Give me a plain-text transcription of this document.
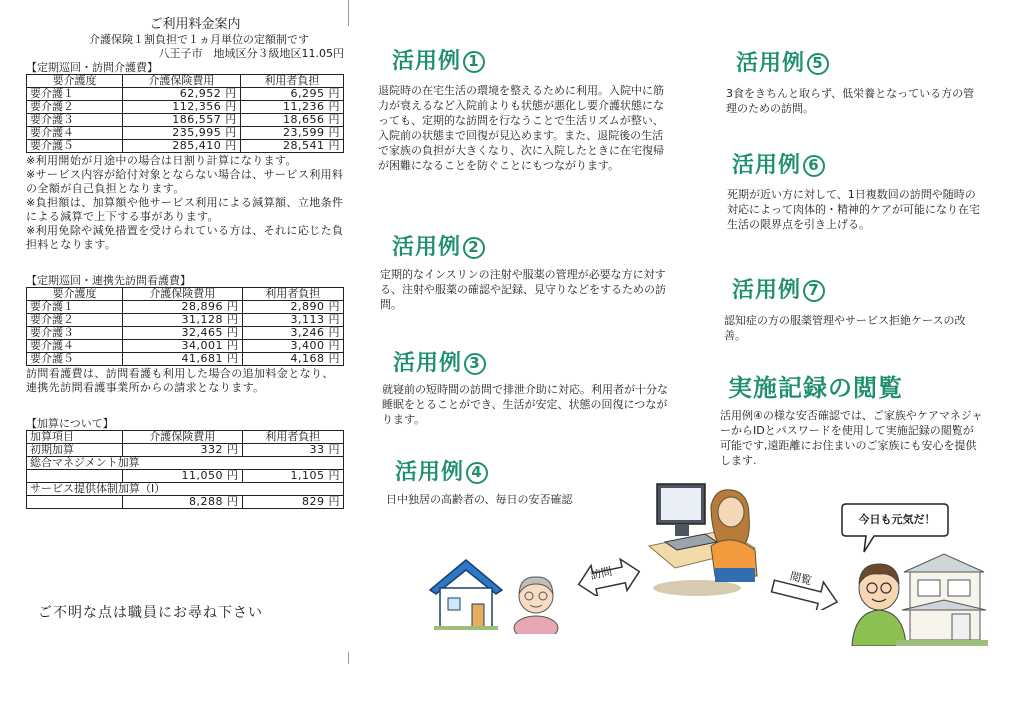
ご利用料金案内
介護保険１割負担で１ヵ月単位の定額制です
八王子市　地域区分３級地区11.05円
【定期巡回・訪問介護費】
要介護度	介護保険費用	利用者負担
要介護１	62,952 円	6,295 円
要介護２	112,356 円	11,236 円
要介護３	186,557 円	18,656 円
要介護４	235,995 円	23,599 円
要介護５	285,410 円	28,541 円

※利用開始が月途中の場合は日割り計算になります。

※サービス内容が給付対象とならない場合は、サービス利用料の全額が自己負担となります。

※負担額は、加算額や他サービス利用による減算額、立地条件による減算で上下する事があります。

※利用免除や減免措置を受けられている方は、それに応じた負担料となります。

【定期巡回・連携先訪問看護費】
要介護度	介護保険費用	利用者負担
要介護１	28,896 円	2,890 円
要介護２	31,128 円	3,113 円
要介護３	32,465 円	3,246 円
要介護４	34,001 円	3,400 円
要介護５	41,681 円	4,168 円
訪問看護費は、訪問看護も利用した場合の追加料金となり、連携先訪問看護事業所からの請求となります。
【加算について】
加算項目	介護保険費用	利用者負担
初期加算	332 円	33 円
総合マネジメント加算		
	11,050 円	1,105 円
サービス提供体制加算（Ⅰ）		
	8,288 円	829 円
ご不明な点は職員にお尋ね下さい
活用例 1
退院時の在宅生活の環境を整えるために利用。入院中に筋力が衰えるなど入院前よりも状態が悪化し要介護状態になっても、定期的な訪問を行なうことで生活リズムが整い、入院前の状態まで回復が見込めます。また、退院後の生活で家族の負担が大きくなり、次に入院したときに在宅復帰が困難になることを防ぐことにもつながります。
活用例 2
定期的なインスリンの注射や服薬の管理が必要な方に対する、注射や服薬の確認や記録、見守りなどをするための訪問。
活用例 3
就寝前の短時間の訪問で排泄介助に対応。利用者が十分な睡眠をとることができ、生活が安定、状態の回復につながります。
活用例 4
日中独居の高齢者の、毎日の安否確認
活用例 5
3食をきちんと取らず、低栄養となっている方の管理のための訪問。
活用例 6
死期が近い方に対して、1日複数回の訪問や随時の対応によって肉体的・精神的ケアが可能になり在宅生活の限界点を引き上げる。
活用例 7
認知症の方の服薬管理やサービス拒絶ケースの改善。
実施記録の閲覧
活用例④の様な安否確認では、ご家族やケアマネジャーからIDとパスワードを使用して実施記録の閲覧が可能です,遠距離にお住まいのご家族にも安心を提供します.
訪問	閲覧
今日も元気だ！
